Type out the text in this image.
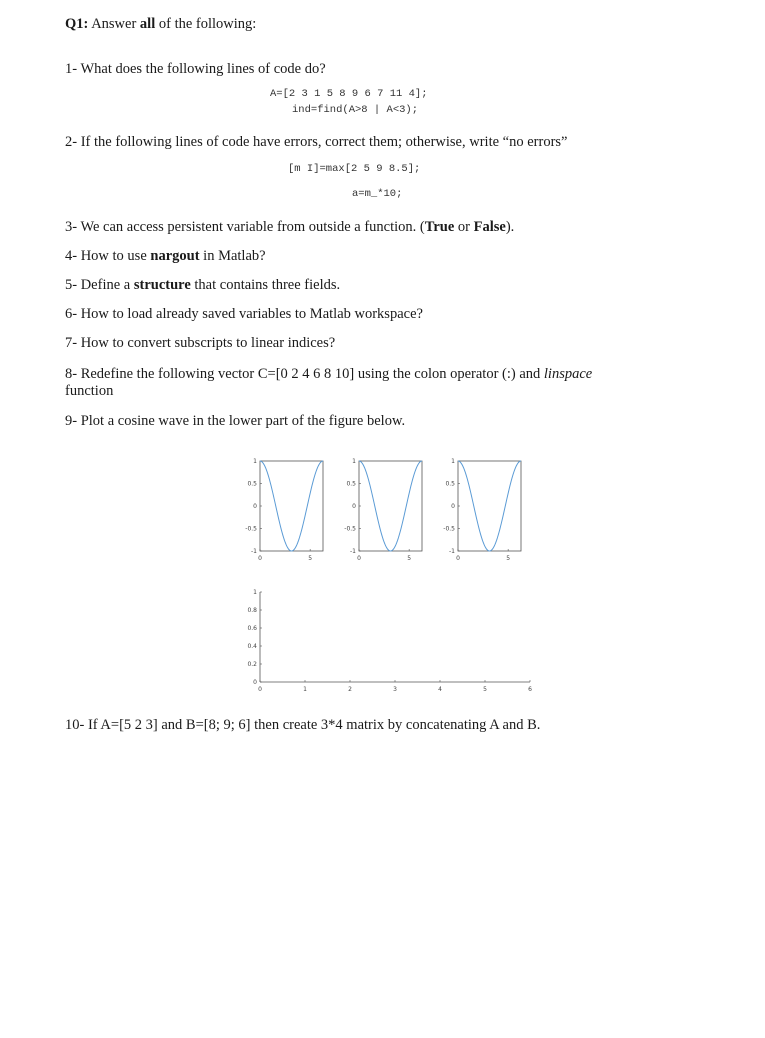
Q1: Answer all of the following:
1- What does the following lines of code do?
A=[2 3 1 5 8 9 6 7 11 4];
ind=find(A>8 | A<3);
2- If the following lines of code have errors, correct them; otherwise, write “no errors”
[m I]=max[2 5 9 8.5];
a=m_*10;
3- We can access persistent variable from outside a function. (True or False).
4- How to use nargout in Matlab?
5- Define a structure that contains three fields.
6- How to load already saved variables to Matlab workspace?
7- How to convert subscripts to linear indices?
8- Redefine the following vector C=[0 2 4 6 8 10] using the colon operator (:) and linspace
function
9- Plot a cosine wave in the lower part of the figure below.
1
0.5
0
-0.5
-1
0	5
1
0.5
0
-0.5
-1
0	5
1
0.5
0
-0.5
-1
0	5
1
0.8
0.6
0.4
0.2
0
0	1	2	3	4	5	6
10- If A=[5 2 3] and B=[8; 9; 6] then create 3*4 matrix by concatenating A and B.
